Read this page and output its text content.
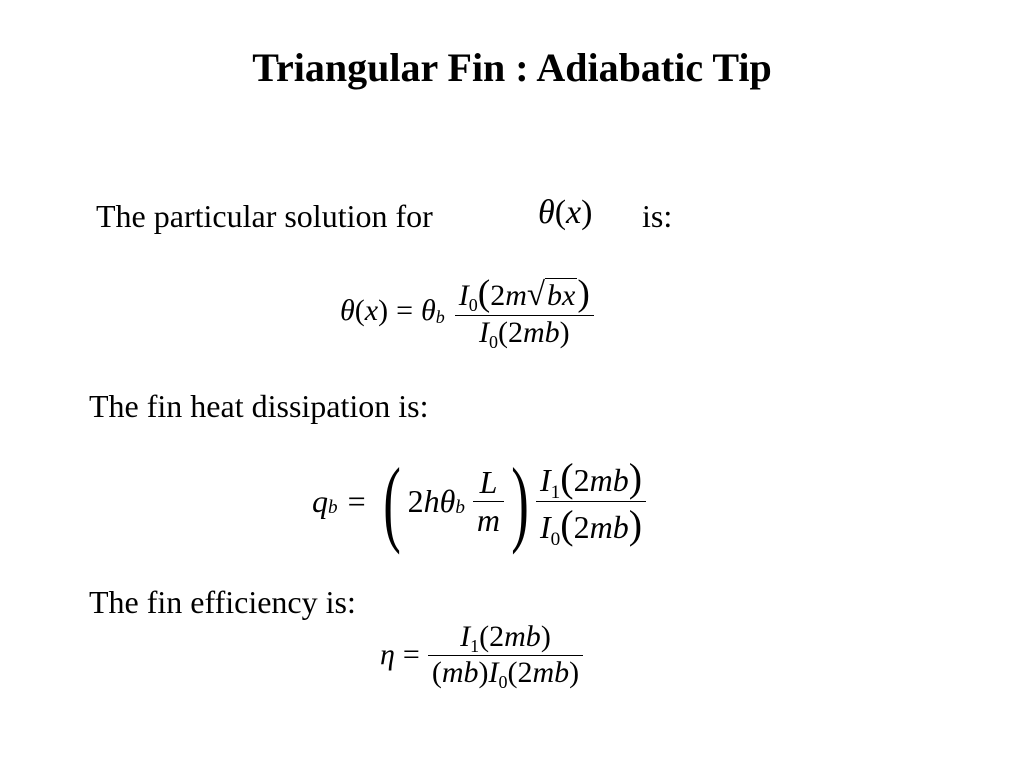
Triangular Fin : Adiabatic Tip
The particular solution for	θ(x) is:
θ ( x ) = θ b $\frac{I_0(2m√bx)}{I_0(2mb)}$
The fin heat dissipation is:
q b = ( 2 h θ b $\frac{L}{m}$ ) $\frac{I_1(2mb)}{I_0(2mb)}$
The fin efficiency is:
$\eta = \frac{I_1(2mb)}{(mb)I_0(2mb)}$
